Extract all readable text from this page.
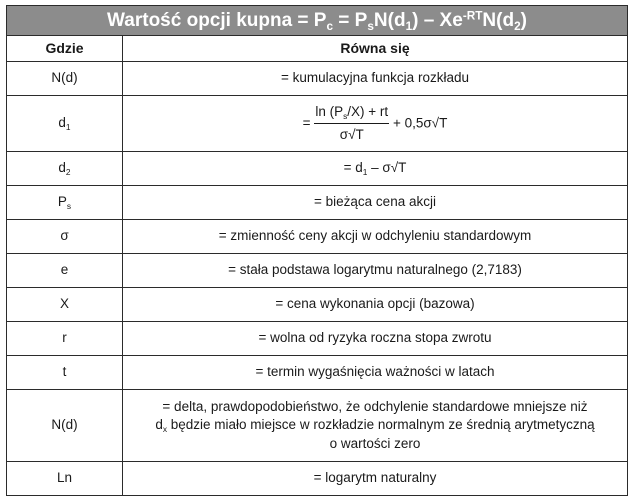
Wartość opcji kupna = $P_c = P_sN(d_1) - Xe^{-RT}N(d_2)$	
Gdzie	Równa się
N(d)	= kumulacyjna funkcja rozkładu
$d_1$	= $\frac{\ln (P_s/X) + rt}{\sigma√T} + 0,5\sigma√T$
$d_2$	= $d_1 - \sigma√T$
$P_s$	= bieżąca cena akcji
σ	= zmienność ceny akcji w odchyleniu standardowym
e	= stała podstawa logarytmu naturalnego (2,7183)
X	= cena wykonania opcji (bazowa)
r	= wolna od ryzyka roczna stopa zwrotu
t	= termin wygaśnięcia ważności w latach
N(d)	= delta, prawdopodobieństwo, że odchylenie standardowe mniejsze niż
$d_x$ będzie miało miejsce w rozkładzie normalnym ze średnią arytmetyczną
o wartości zero

Ln	= logarytm naturalny
